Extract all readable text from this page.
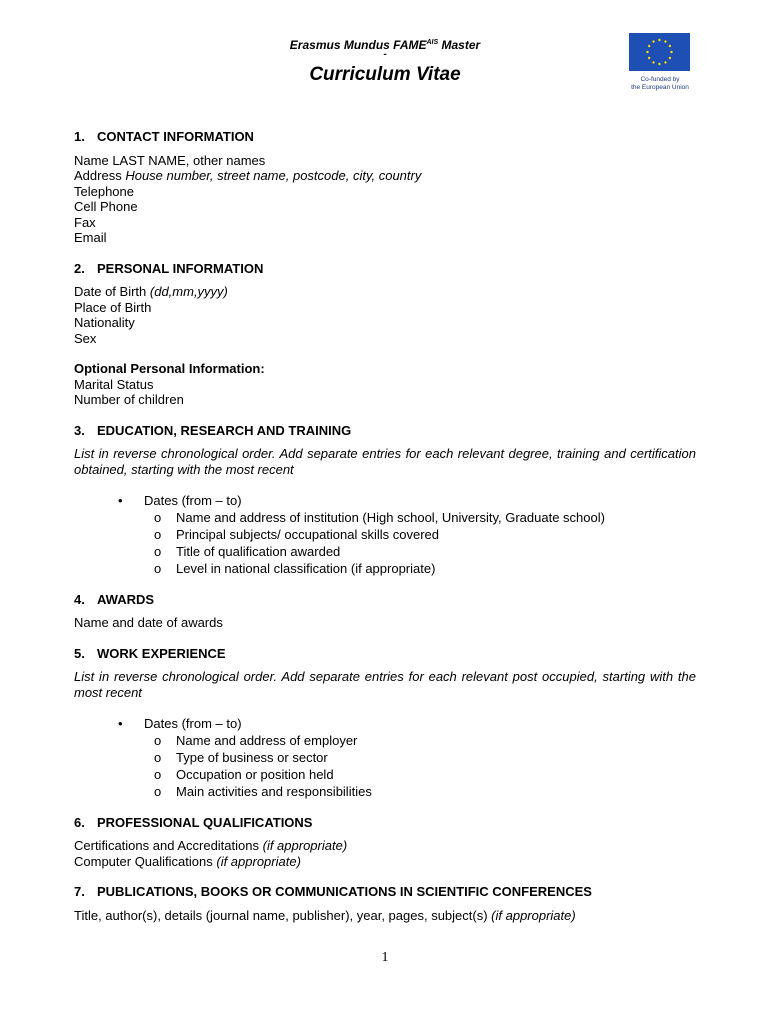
Erasmus Mundus $FAME^{AIS}$ Master
-
Curriculum Vitae	Co-funded by
the European Union
1. CONTACT INFORMATION

Name LAST NAME, other names

Address House number, street name, postcode, city, country

Telephone

Cell Phone

Fax

Email

2. PERSONAL INFORMATION

Date of Birth (dd,mm,yyyy)

Place of Birth

Nationality

Sex

Optional Personal Information:

Marital Status

Number of children

3. EDUCATION, RESEARCH AND TRAINING

List in reverse chronological order. Add separate entries for each relevant degree, training and certification obtained, starting with the most recent

• Dates (from – to)
o Name and address of institution (High school, University, Graduate school)
o Principal subjects/ occupational skills covered
o Title of qualification awarded
o Level in national classification (if appropriate)
4. AWARDS

Name and date of awards

5. WORK EXPERIENCE

List in reverse chronological order. Add separate entries for each relevant post occupied, starting with the most recent

• Dates (from – to)
o Name and address of employer
o Type of business or sector
o Occupation or position held
o Main activities and responsibilities
6. PROFESSIONAL QUALIFICATIONS

Certifications and Accreditations (if appropriate)

Computer Qualifications (if appropriate)

7. PUBLICATIONS, BOOKS OR COMMUNICATIONS IN SCIENTIFIC CONFERENCES

Title, author(s), details (journal name, publisher), year, pages, subject(s) (if appropriate)

1
